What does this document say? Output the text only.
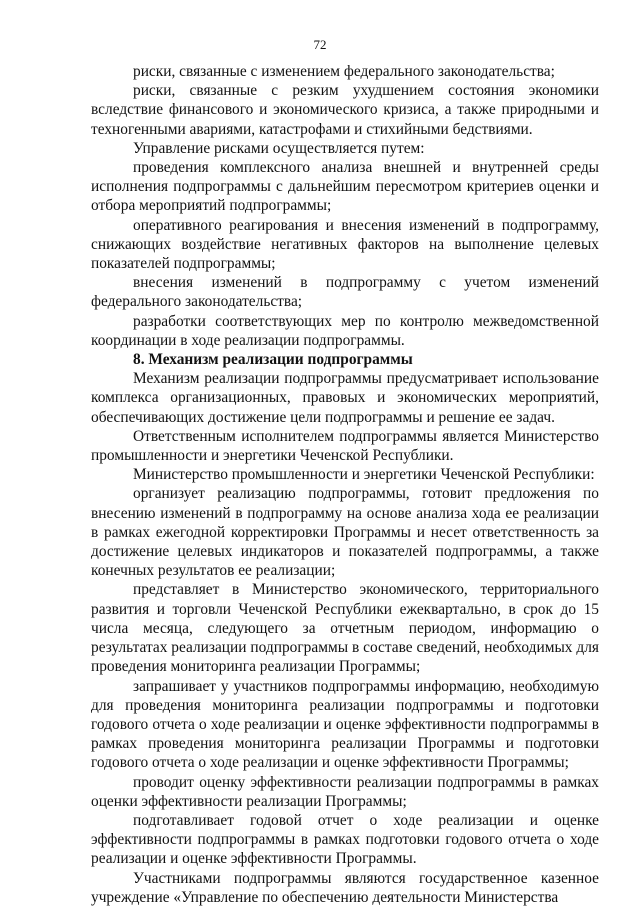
72

риски, связанные с изменением федерального законодательства;

риски, связанные с резким ухудшением состояния экономики вследствие финансового и экономического кризиса, а также природными и техногенными авариями, катастрофами и стихийными бедствиями.

Управление рисками осуществляется путем:

проведения комплексного анализа внешней и внутренней среды исполнения подпрограммы с дальнейшим пересмотром критериев оценки и отбора мероприятий подпрограммы;

оперативного реагирования и внесения изменений в подпрограмму, снижающих воздействие негативных факторов на выполнение целевых показателей подпрограммы;

внесения изменений в подпрограмму с учетом изменений федерального законодательства;

разработки соответствующих мер по контролю межведомственной координации в ходе реализации подпрограммы.

8. Механизм реализации подпрограммы

Механизм реализации подпрограммы предусматривает использование комплекса организационных, правовых и экономических мероприятий, обеспечивающих достижение цели подпрограммы и решение ее задач.

Ответственным исполнителем подпрограммы является Министерство промышленности и энергетики Чеченской Республики.

Министерство промышленности и энергетики Чеченской Республики:

организует реализацию подпрограммы, готовит предложения по внесению изменений в подпрограмму на основе анализа хода ее реализации в рамках ежегодной корректировки Программы и несет ответственность за достижение целевых индикаторов и показателей подпрограммы, а также конечных результатов ее реализации;

представляет в Министерство экономического, территориального развития и торговли Чеченской Республики ежеквартально, в срок до 15 числа месяца, следующего за отчетным периодом, информацию о результатах реализации подпрограммы в составе сведений, необходимых для проведения мониторинга реализации Программы;

запрашивает у участников подпрограммы информацию, необходимую для проведения мониторинга реализации подпрограммы и подготовки годового отчета о ходе реализации и оценке эффективности подпрограммы в рамках проведения мониторинга реализации Программы и подготовки годового отчета о ходе реализации и оценке эффективности Программы;

проводит оценку эффективности реализации подпрограммы в рамках оценки эффективности реализации Программы;

подготавливает годовой отчет о ходе реализации и оценке эффективности подпрограммы в рамках подготовки годового отчета о ходе реализации и оценке эффективности Программы.

Участниками подпрограммы являются государственное казенное учреждение «Управление по обеспечению деятельности Министерства
